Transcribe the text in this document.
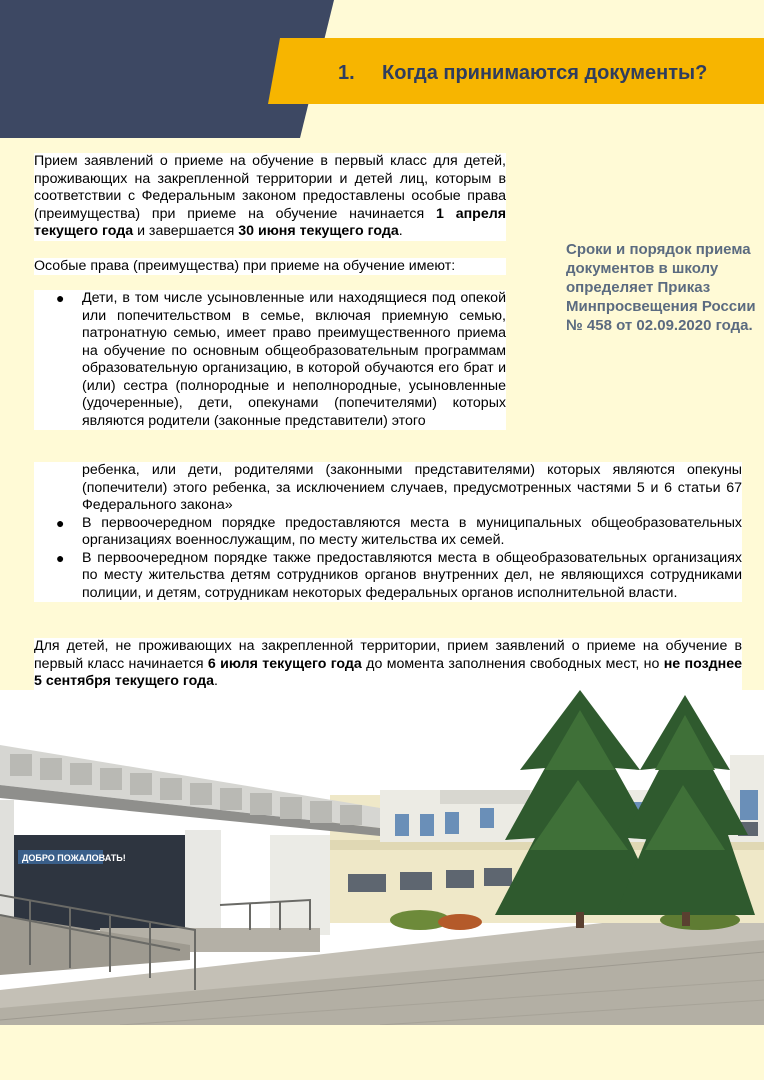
1. Когда принимаются документы?

Прием заявлений о приеме на обучение в первый класс для детей, проживающих на закрепленной территории и детей лиц, которым в соответствии с Федеральным законом предоставлены особые права (преимущества) при приеме на обучение начинается 1 апреля текущего года и завершается 30 июня текущего года.

Особые права (преимущества) при приеме на обучение имеют:

● Дети, в том числе усыновленные или находящиеся под опекой или попечительством в семье, включая приемную семью, патронатную семью, имеет право преимущественного приема на обучение по основным общеобразовательным программам образовательную организацию, в которой обучаются его брат и (или) сестра (полнородные и неполнородные, усыновленные (удочеренные), дети, опекунами (попечителями) которых являются родители (законные представители) этого
ребенка, или дети, родителями (законными представителями) которых являются опекуны (попечители) этого ребенка, за исключением случаев, предусмотренных частями 5 и 6 статьи 67 Федерального закона»
● В первоочередном порядке предоставляются места в муниципальных общеобразовательных организациях военнослужащим, по месту жительства их семей.
● В первоочередном порядке также предоставляются места в общеобразовательных организациях по месту жительства детям сотрудников органов внутренних дел, не являющихся сотрудниками полиции, и детям, сотрудникам некоторых федеральных органов исполнительной власти.

Для детей, не проживающих на закрепленной территории, прием заявлений о приеме на обучение в первый класс начинается 6 июля текущего года до момента заполнения свободных мест, но не позднее 5 сентября текущего года.

Сроки и порядок приема документов в школу определяет Приказ Минпросвещения России № 458 от 02.09.2020 года.

ДОБРО ПОЖАЛОВАТЬ!
